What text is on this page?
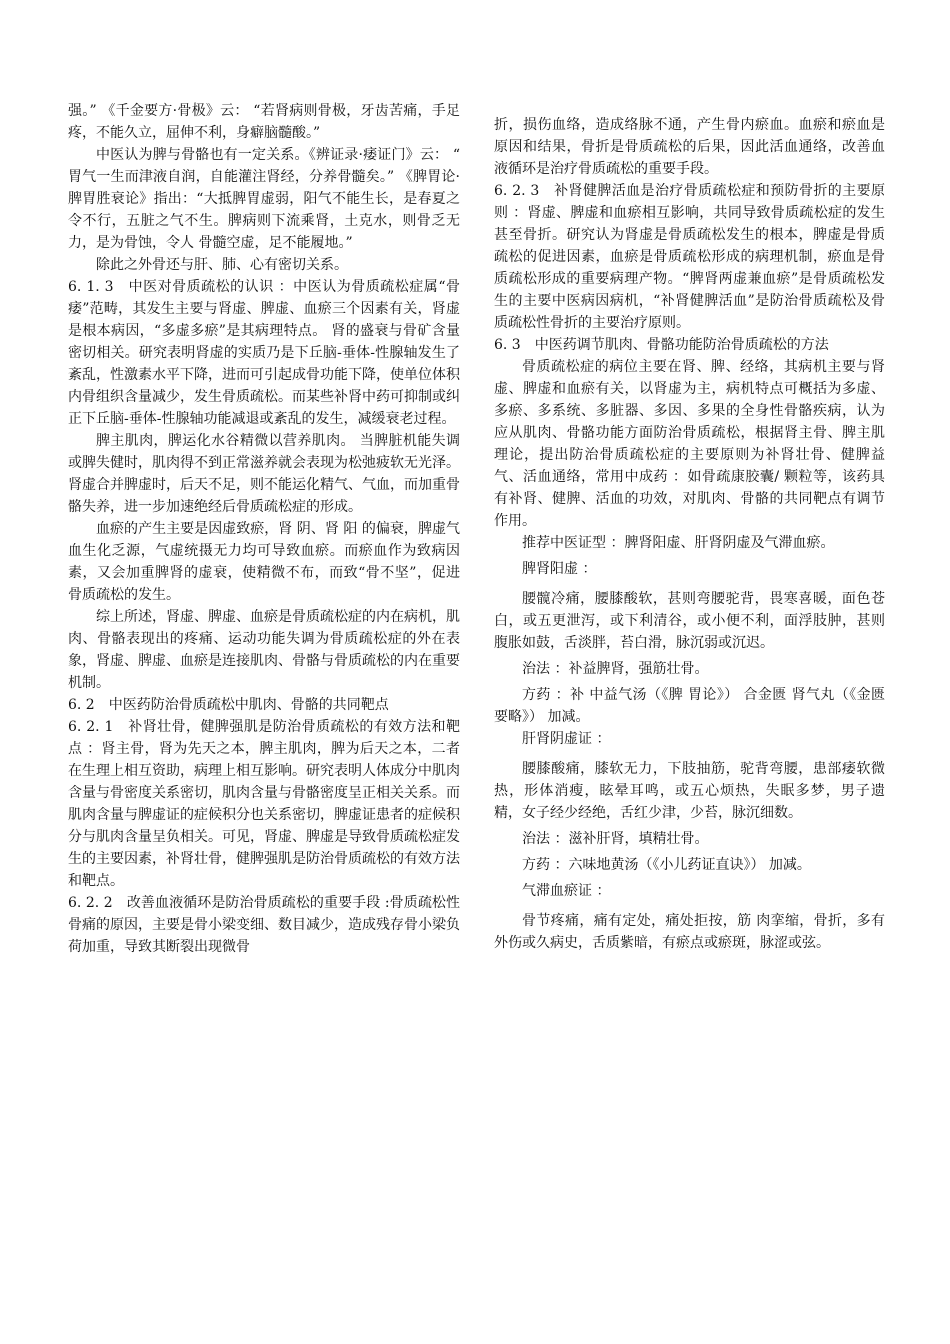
强。” 《千金要方·骨极》云： “若肾病则骨极，牙齿苦痛，手足疼，不能久立，屈伸不利，身癖脑髓酸。”

中医认为脾与骨骼也有一定关系。《辨证录·痿证门》云： “ 胃气一生而津液自润，自能灌注肾经，分养骨髓矣。” 《脾胃论·脾胃胜衰论》指出：“大抵脾胃虚弱，阳气不能生长，是春夏之令不行，五脏之气不生。脾病则下流乘肾，土克水，则骨乏无力，是为骨蚀，令人 骨髓空虚，足不能履地。”

除此之外骨还与肝、肺、心有密切关系。

6. 1. 3　中医对骨质疏松的认识 ：中医认为骨质疏松症属“骨痿”范畴，其发生主要与肾虚、脾虚、血瘀三个因素有关，肾虚是根本病因，“多虚多瘀”是其病理特点。 肾的盛衰与骨矿含量密切相关。研究表明肾虚的实质乃是下丘脑-垂体-性腺轴发生了紊乱，性激素水平下降，进而可引起成骨功能下降，使单位体积内骨组织含量减少，发生骨质疏松。而某些补肾中药可抑制或纠正下丘脑-垂体-性腺轴功能减退或紊乱的发生，减缓衰老过程。

脾主肌肉，脾运化水谷精微以营养肌肉。 当脾脏机能失调或脾失健时，肌肉得不到正常滋养就会表现为松弛疲软无光泽。 肾虚合并脾虚时，后天不足，则不能运化精气、气血，而加重骨骼失养，进一步加速绝经后骨质疏松症的形成。

血瘀的产生主要是因虚致瘀，肾 阴、肾 阳 的偏衰，脾虚气血生化乏源，气虚统摄无力均可导致血瘀。而瘀血作为致病因素，又会加重脾肾的虚衰，使精微不布，而致“骨不坚”，促进骨质疏松的发生。

综上所述，肾虚、脾虚、血瘀是骨质疏松症的内在病机，肌肉、骨骼表现出的疼痛、运动功能失调为骨质疏松症的外在表象，肾虚、脾虚、血瘀是连接肌肉、骨骼与骨质疏松的内在重要机制。

6. 2　中医药防治骨质疏松中肌肉、骨骼的共同靶点

6. 2. 1　补肾壮骨，健脾强肌是防治骨质疏松的有效方法和靶点 ：肾主骨，肾为先天之本，脾主肌肉，脾为后天之本，二者在生理上相互资助，病理上相互影响。研究表明人体成分中肌肉含量与骨密度关系密切，肌肉含量与骨骼密度呈正相关关系。而肌肉含量与脾虚证的症候积分也关系密切，脾虚证患者的症候积分与肌肉含量呈负相关。可见，肾虚、脾虚是导致骨质疏松症发生的主要因素，补肾壮骨，健脾强肌是防治骨质疏松的有效方法和靶点。

6. 2. 2　改善血液循环是防治骨质疏松的重要手段 :骨质疏松性骨痛的原因，主要是骨小梁变细、数目减少，造成残存骨小梁负荷加重，导致其断裂出现微骨

折，损伤血络，造成络脉不通，产生骨内瘀血。血瘀和瘀血是原因和结果，骨折是骨质疏松的后果，因此活血通络，改善血液循环是治疗骨质疏松的重要手段。

6. 2. 3　补肾健脾活血是治疗骨质疏松症和预防骨折的主要原则 ：肾虚、脾虚和血瘀相互影响，共同导致骨质疏松症的发生甚至骨折。研究认为肾虚是骨质疏松发生的根本，脾虚是骨质疏松的促进因素，血瘀是骨质疏松形成的病理机制，瘀血是骨质疏松形成的重要病理产物。“脾肾两虚兼血瘀”是骨质疏松发生的主要中医病因病机，“补肾健脾活血”是防治骨质疏松及骨质疏松性骨折的主要治疗原则。

6. 3　中医药调节肌肉、骨骼功能防治骨质疏松的方法

骨质疏松症的病位主要在肾、脾、经络，其病机主要与肾虚、脾虚和血瘀有关，以肾虚为主，病机特点可概括为多虚、多瘀、多系统、多脏器、多因、多果的全身性骨骼疾病，认为应从肌肉、骨骼功能方面防治骨质疏松，根据肾主骨、脾主肌理论，提出防治骨质疏松症的主要原则为补肾壮骨、健脾益气、活血通络，常用中成药 ：如骨疏康胶囊/ 颗粒等，该药具有补肾、健脾、活血的功效，对肌肉、骨骼的共同靶点有调节作用。

推荐中医证型 ：脾肾阳虚、肝肾阴虚及气滞血瘀。

脾肾阳虚 ：

腰髋冷痛，腰膝酸软，甚则弯腰驼背，畏寒喜暖，面色苍白，或五更泄泻，或下利清谷，或小便不利，面浮肢肿，甚则腹胀如鼓，舌淡胖，苔白滑，脉沉弱或沉迟。

治法 ：补益脾肾，强筋壮骨。

方药 ：补 中益气汤（《脾 胃论》） 合金匮 肾气丸（《金匮要略》） 加减。

肝肾阴虚证 ：

腰膝酸痛，膝软无力，下肢抽筋，驼背弯腰，患部痿软微热，形体消瘦，眩晕耳鸣，或五心烦热，失眠多梦，男子遗精，女子经少经绝，舌红少津，少苔，脉沉细数。

治法 ：滋补肝肾，填精壮骨。

方药 ：六味地黄汤（《小儿药证直诀》） 加减。

气滞血瘀证 ：

骨节疼痛，痛有定处，痛处拒按，筋 肉挛缩，骨折，多有外伤或久病史，舌质紫暗，有瘀点或瘀斑，脉涩或弦。
